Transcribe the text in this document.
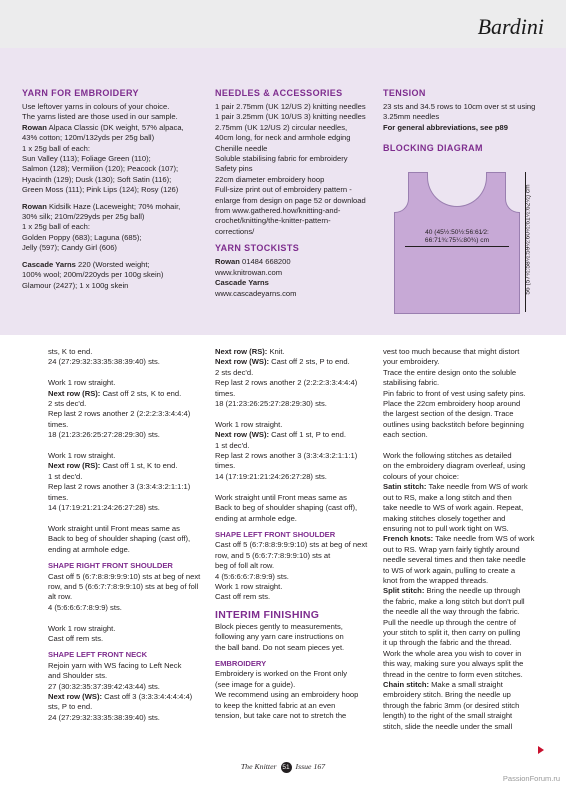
Bardini
YARN FOR EMBROIDERY

Use leftover yarns in colours of your choice.

The yarns listed are those used in our sample.

Rowan Alpaca Classic (DK weight, 57% alpaca,

43% cotton; 120m/132yds per 25g ball)

1 x 25g ball of each:

Sun Valley (113); Foliage Green (110);

Salmon (128); Vermilion (120); Peacock (107);

Hyacinth (129); Dusk (130); Soft Satin (116);

Green Moss (111); Pink Lips (124); Rosy (126)

Rowan Kidsilk Haze (Laceweight; 70% mohair,

30% silk; 210m/229yds per 25g ball)

1 x 25g ball of each:

Golden Poppy (683); Laguna (685);

Jelly (597); Candy Girl (606)

Cascade Yarns 220 (Worsted weight;

100% wool; 200m/220yds per 100g skein)

Glamour (2427); 1 x 100g skein

NEEDLES & ACCESSORIES

1 pair 2.75mm (UK 12/US 2) knitting needles

1 pair 3.25mm (UK 10/US 3) knitting needles

2.75mm (UK 12/US 2) circular needles,

40cm long, for neck and armhole edging

Chenille needle

Soluble stabilising fabric for embroidery

Safety pins

22cm diameter embroidery hoop

Full-size print out of embroidery pattern -

enlarge from design on page 52 or download

from www.gathered.how/knitting-and-

crochet/knitting/the-knitter-pattern-

corrections/

YARN STOCKISTS

Rowan 01484 668200

www.knitrowan.com

Cascade Yarns

www.cascadeyarns.com

TENSION

23 sts and 34.5 rows to 10cm over st st using

3.25mm needles

For general abbreviations, see p89

BLOCKING DIAGRAM
40 (45½:50½:56:61⁄2:
66:71¾:75¼:80¾) cm	56 (57½:58½:59½:60½:61½:62½) cm

sts, K to end.

24 (27:29:32:33:35:38:39:40) sts.

Work 1 row straight.

Next row (RS): Cast off 2 sts, K to end.

2 sts dec'd.

Rep last 2 rows another 2 (2:2:2:3:3:4:4:4)

times.

18 (21:23:26:25:27:28:29:30) sts.

Work 1 row straight.

Next row (RS): Cast off 1 st, K to end.

1 st dec'd.

Rep last 2 rows another 3 (3:3:4:3:2:1:1:1)

times.

14 (17:19:21:21:24:26:27:28) sts.

Work straight until Front meas same as

Back to beg of shoulder shaping (cast off),

ending at armhole edge.

SHAPE RIGHT FRONT SHOULDER

Cast off 5 (6:7:8:8:9:9:9:10) sts at beg of next

row, and 5 (6:6:7:7:8:9:9:10) sts at beg of foll

alt row.

4 (5:6:6:6:7:8:9:9) sts.

Work 1 row straight.

Cast off rem sts.

SHAPE LEFT FRONT NECK

Rejoin yarn with WS facing to Left Neck

and Shoulder sts.

27 (30:32:35:37:39:42:43:44) sts.

Next row (WS): Cast off 3 (3:3:3:4:4:4:4:4)

sts, P to end.

24 (27:29:32:33:35:38:39:40) sts.

Next row (RS): Knit.

Next row (WS): Cast off 2 sts, P to end.

2 sts dec'd.

Rep last 2 rows another 2 (2:2:2:3:3:4:4:4)

times.

18 (21:23:26:25:27:28:29:30) sts.

Work 1 row straight.

Next row (WS): Cast off 1 st, P to end.

1 st dec'd.

Rep last 2 rows another 3 (3:3:4:3:2:1:1:1)

times.

14 (17:19:21:21:24:26:27:28) sts.

Work straight until Front meas same as

Back to beg of shoulder shaping (cast off),

ending at armhole edge.

SHAPE LEFT FRONT SHOULDER

Cast off 5 (6:7:8:8:9:9:9:10) sts at beg of next

row, and 5 (6:6:7:7:8:9:9:10) sts at

beg of foll alt row.

4 (5:6:6:6:7:8:9:9) sts.

Work 1 row straight.

Cast off rem sts.

INTERIM FINISHING

Block pieces gently to measurements,

following any yarn care instructions on

the ball band. Do not seam pieces yet.

EMBROIDERY

Embroidery is worked on the Front only

(see image for a guide).

We recommend using an embroidery hoop

to keep the knitted fabric at an even

tension, but take care not to stretch the

vest too much because that might distort

your embroidery.

Trace the entire design onto the soluble

stabilising fabric.

Pin fabric to front of vest using safety pins.

Place the 22cm embroidery hoop around

the largest section of the design. Trace

outlines using backstitch before beginning

each section.

Work the following stitches as detailed

on the embroidery diagram overleaf, using

colours of your choice:

Satin stitch: Take needle from WS of work

out to RS, make a long stitch and then

take needle to WS of work again. Repeat,

making stitches closely together and

ensuring not to pull work tight on WS.

French knots: Take needle from WS of work

out to RS. Wrap yarn fairly tightly around

needle several times and then take needle

to WS of work again, pulling to create a

knot from the wrapped threads.

Split stitch: Bring the needle up through

the fabric, make a long stitch but don't pull

the needle all the way through the fabric.

Pull the needle up through the centre of

your stitch to split it, then carry on pulling

it up through the fabric and the thread.

Work the whole area you wish to cover in

this way, making sure you always split the

thread in the centre to form even stitches.

Chain stitch: Make a small straight

embroidery stitch. Bring the needle up

through the fabric 3mm (or desired stitch

length) to the right of the small straight

stitch, slide the needle under the small

The Knitter 51 Issue 167
PassionForum.ru
